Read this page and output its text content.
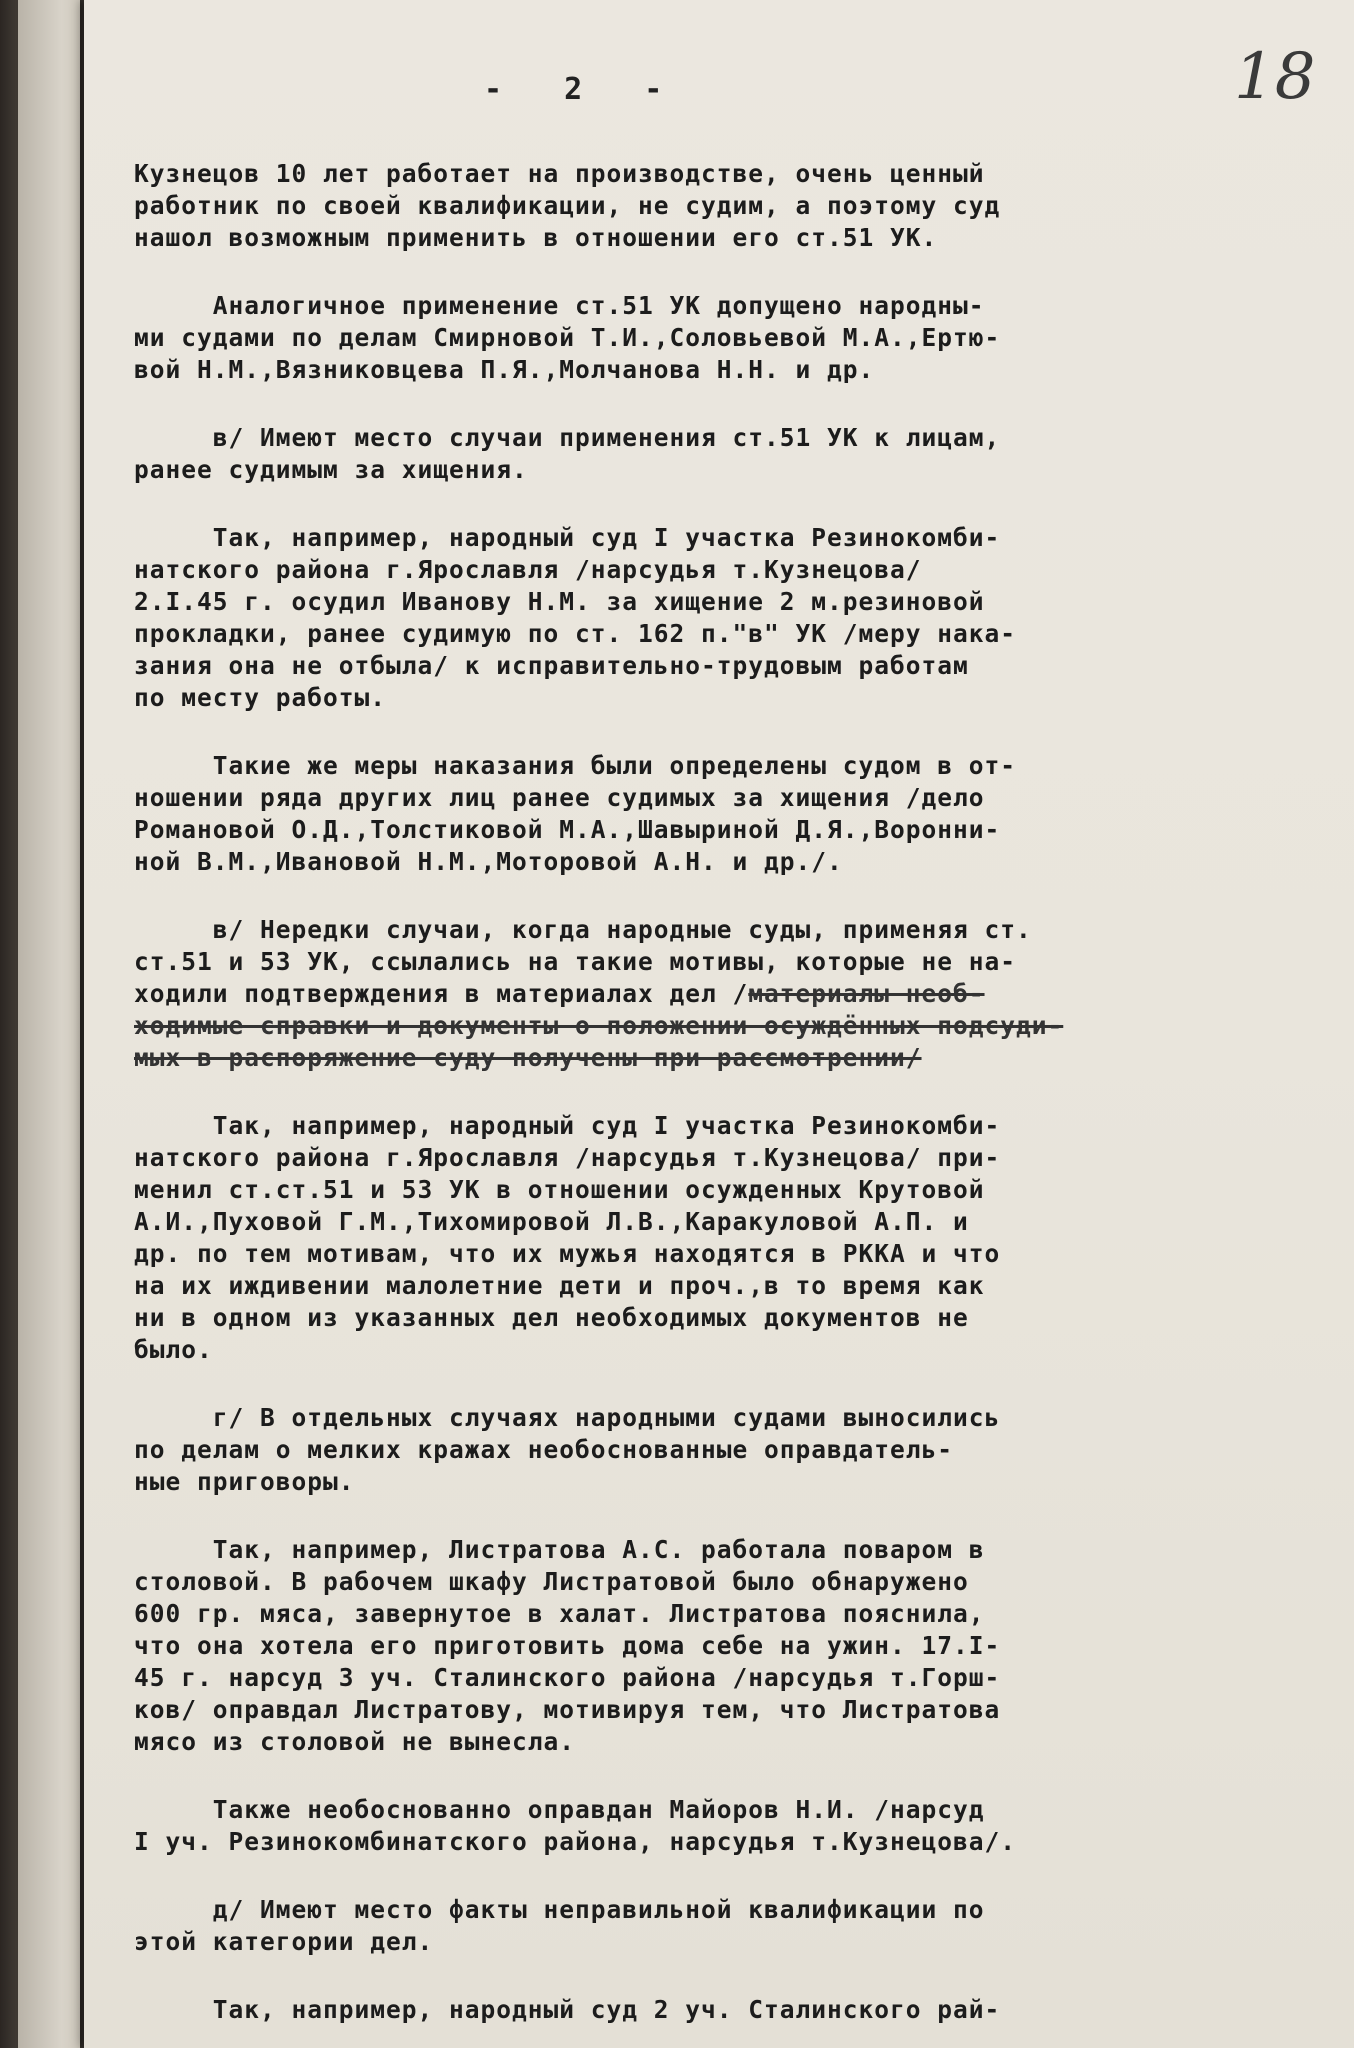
- 2 -	18
Кузнецов 10 лет работает на производстве, очень ценный
работник по своей квалификации, не судим, а поэтому суд
нашол возможным применить в отношении его ст.51 УК.
Аналогичное применение ст.51 УК допущено народны-
ми судами по делам Смирновой Т.И.,Соловьевой М.А.,Ертю-
вой Н.М.,Вязниковцева П.Я.,Молчанова Н.Н. и др.
в/ Имеют место случаи применения ст.51 УК к лицам,
ранее судимым за хищения.
Так, например, народный суд I участка Резинокомби-
натского района г.Ярославля /нарсудья т.Кузнецова/
2.I.45 г. осудил Иванову Н.М. за хищение 2 м.резиновой
прокладки, ранее судимую по ст. 162 п."в" УК /меру нака-
зания она не отбыла/ к исправительно-трудовым работам
по месту работы.
Такие же меры наказания были определены судом в от-
ношении ряда других лиц ранее судимых за хищения /дело
Романовой О.Д.,Толстиковой М.А.,Шавыриной Д.Я.,Воронни-
ной В.М.,Ивановой Н.М.,Моторовой А.Н. и др./.
в/ Нередки случаи, когда народные суды, применяя ст.
ст.51 и 53 УК, ссылались на такие мотивы, которые не на-
ходили подтверждения в материалах дел /материалы необ-
ходимые справки и документы о положении осуждённых подсуди-
мых в распоряжение суду получены при рассмотрении/
Так, например, народный суд I участка Резинокомби-
натского района г.Ярославля /нарсудья т.Кузнецова/ при-
менил ст.ст.51 и 53 УК в отношении осужденных Крутовой
А.И.,Пуховой Г.М.,Тихомировой Л.В.,Каракуловой А.П. и
др. по тем мотивам, что их мужья находятся в РККА и что
на их иждивении малолетние дети и проч.,в то время как
ни в одном из указанных дел необходимых документов не
было.
г/ В отдельных случаях народными судами выносились
по делам о мелких кражах необоснованные оправдатель-
ные приговоры.
Так, например, Листратова А.С. работала поваром в
столовой. В рабочем шкафу Листратовой было обнаружено
600 гр. мяса, завернутое в халат. Листратова пояснила,
что она хотела его приготовить дома себе на ужин. 17.I-
45 г. нарсуд 3 уч. Сталинского района /нарсудья т.Горш-
ков/ оправдал Листратову, мотивируя тем, что Листратова
мясо из столовой не вынесла.
Также необоснованно оправдан Майоров Н.И. /нарсуд
I уч. Резинокомбинатского района, нарсудья т.Кузнецова/.
д/ Имеют место факты неправильной квалификации по
этой категории дел.
Так, например, народный суд 2 уч. Сталинского рай-
